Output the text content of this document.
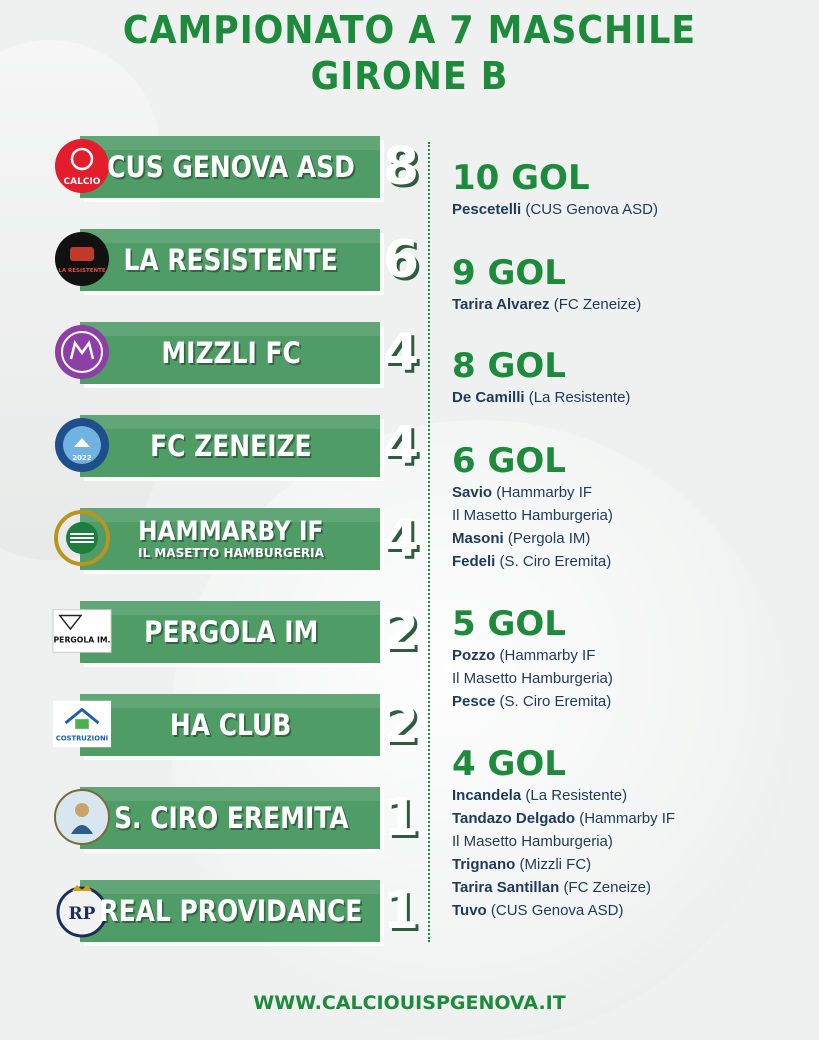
CAMPIONATO A 7 MASCHILE
GIRONE B
CALCIO CUS GENOVA ASD 8
LA RESISTENTE LA RESISTENTE 6
MIZZLI FC 4
2022 FC ZENEIZE 4
HAMMARBY IF
IL MASETTO HAMBURGERIA 4
PERGOLA IM. PERGOLA IM 2
COSTRUZIONI HA CLUB 2
S. CIRO EREMITA 1
RP REAL PROVIDANCE 1
10 GOL
Pescetelli (CUS Genova ASD)
9 GOL
Tarira Alvarez (FC Zeneize)
8 GOL
De Camilli (La Resistente)
6 GOL
Savio (Hammarby IF
Il Masetto Hamburgeria)
Masoni (Pergola IM)
Fedeli (S. Ciro Eremita)
5 GOL
Pozzo (Hammarby IF
Il Masetto Hamburgeria)
Pesce (S. Ciro Eremita)
4 GOL
Incandela (La Resistente)
Tandazo Delgado (Hammarby IF
Il Masetto Hamburgeria)
Trignano (Mizzli FC)
Tarira Santillan (FC Zeneize)
Tuvo (CUS Genova ASD)
WWW.CALCIOUISPGENOVA.IT
